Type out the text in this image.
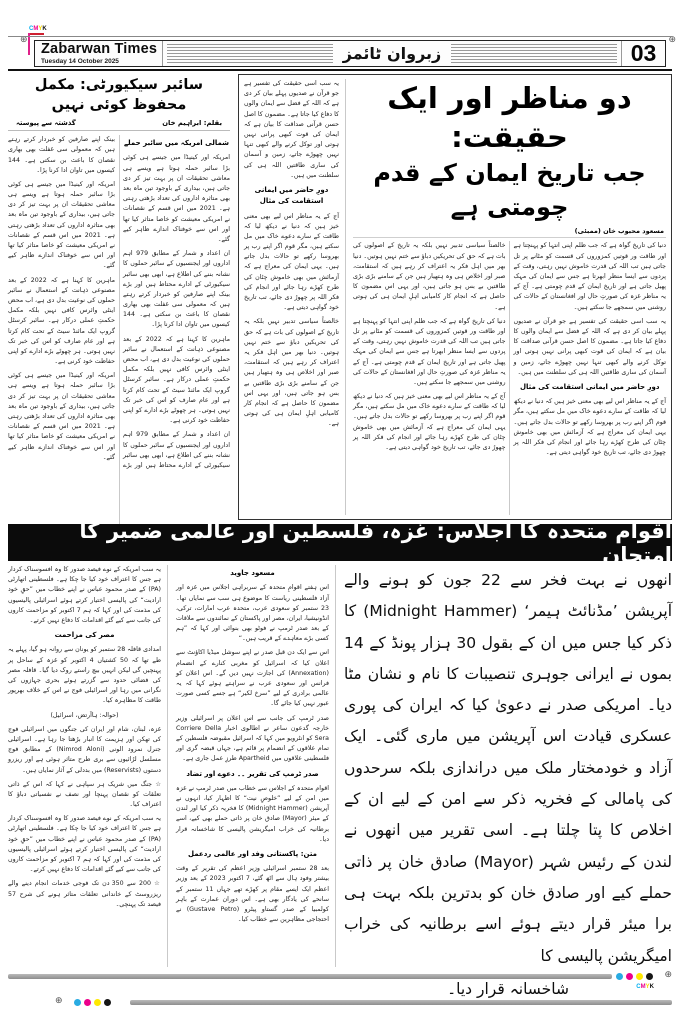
⊕	⊕
CMYK
Zabarwan Times
Tuesday 14 October 2025	زبروان ٹائمز	03
سائبر سیکیورٹی: مکمل محفوظ کوئی نہیں
بقلم: ابراہیم خان
گذشتہ سے پیوستہ

شمالی امریکہ میں سائبر حملے

امریکہ اور کینیڈا میں جیسے ہی کوئی بڑا سائبر حملہ ہوتا ہے ویسے ہی معاشی تحقیقات ان پر بہت تیز کر دی جاتی ہیں، بیداری کے باوجود تین ماہ بعد بھی متاثرہ اداروں کی تعداد بڑھتی رہتی ہے۔ 2021 میں اس قسم کے نقصانات نے امریکی معیشت کو خاصا متاثر کیا تھا اور اس سے خوفناک اندازے ظاہر کیے گئے۔

ان اعداد و شمار کے مطابق 979 اہم اداروں اور ایجنسیوں کے سائبر حملوں کا نشانہ بننے کی اطلاع ہے، ابھی بھی سائبر سیکیورٹی کے ادارے محتاط ہیں اور بڑے بینک اپنے صارفین کو خبردار کرتے رہتے ہیں کہ معمولی سی غفلت بھی بھاری نقصان کا باعث بن سکتی ہے۔ 144 کیسوں میں تاوان ادا کرنا پڑا۔

ماہرین کا کہنا ہے کہ 2022 کے بعد مصنوعی ذہانت کے استعمال نے سائبر حملوں کی نوعیت بدل دی ہے، اب محض اینٹی وائرس کافی نہیں بلکہ مکمل حکمتِ عملی درکار ہے۔ سائبر کرسٹل گروپ ایک مائنڈ سیٹ کے تحت کام کرتا ہے اور عام صارف کو اس کی خبر تک نہیں ہوتی۔ ہر چھوٹے بڑے ادارے کو اپنی حفاظت خود کرنی ہے۔

ان اعداد و شمار کے مطابق 979 اہم اداروں اور ایجنسیوں کے سائبر حملوں کا نشانہ بننے کی اطلاع ہے، ابھی بھی سائبر سیکیورٹی کے ادارے محتاط ہیں اور بڑے بینک اپنے صارفین کو خبردار کرتے رہتے ہیں کہ معمولی سی غفلت بھی بھاری نقصان کا باعث بن سکتی ہے۔ 144 کیسوں میں تاوان ادا کرنا پڑا۔

امریکہ اور کینیڈا میں جیسے ہی کوئی بڑا سائبر حملہ ہوتا ہے ویسے ہی معاشی تحقیقات ان پر بہت تیز کر دی جاتی ہیں، بیداری کے باوجود تین ماہ بعد بھی متاثرہ اداروں کی تعداد بڑھتی رہتی ہے۔ 2021 میں اس قسم کے نقصانات نے امریکی معیشت کو خاصا متاثر کیا تھا اور اس سے خوفناک اندازے ظاہر کیے گئے۔

ماہرین کا کہنا ہے کہ 2022 کے بعد مصنوعی ذہانت کے استعمال نے سائبر حملوں کی نوعیت بدل دی ہے، اب محض اینٹی وائرس کافی نہیں بلکہ مکمل حکمتِ عملی درکار ہے۔ سائبر کرسٹل گروپ ایک مائنڈ سیٹ کے تحت کام کرتا ہے اور عام صارف کو اس کی خبر تک نہیں ہوتی۔ ہر چھوٹے بڑے ادارے کو اپنی حفاظت خود کرنی ہے۔

امریکہ اور کینیڈا میں جیسے ہی کوئی بڑا سائبر حملہ ہوتا ہے ویسے ہی معاشی تحقیقات ان پر بہت تیز کر دی جاتی ہیں، بیداری کے باوجود تین ماہ بعد بھی متاثرہ اداروں کی تعداد بڑھتی رہتی ہے۔ 2021 میں اس قسم کے نقصانات نے امریکی معیشت کو خاصا متاثر کیا تھا اور اس سے خوفناک اندازے ظاہر کیے گئے۔

یہ سب اسی حقیقت کی تفسیر ہے جو قرآن نے صدیوں پہلے بیان کر دی ہے کہ اللہ کے فضل سے ایمان والوں کا دفاع کیا جاتا ہے۔ مضمون کا اصل حسن قرآنی صداقت کا بیان ہے کہ ایمان کی قوت کبھی پرانی نہیں ہوتی اور توکل کرنے والے کبھی تنہا نہیں چھوڑے جاتے، زمین و آسمان کی ساری طاقتیں اللہ ہی کی سلطنت میں ہیں۔

دورِ حاضر میں ایمانی استقامت کی مثال

آج کے یہ مناظر اس لیے بھی معنی خیز ہیں کہ دنیا نے دیکھ لیا کہ طاقت کے سارے دعوے خاک میں مل سکتے ہیں، مگر قوم اگر اپنے رب پر بھروسا رکھے تو حالات بدل جاتے ہیں۔ یہی ایمان کی معراج ہے کہ آزمائش میں بھی خاموش چٹان کی طرح کھڑے رہا جائے اور انجام کی فکر اللہ پر چھوڑ دی جائے، تب تاریخ خود گواہی دیتی ہے۔

خالصتاً سیاسی تدبیر نہیں بلکہ یہ تاریخ کے اصولوں کی بات ہے کہ حق کی تحریکیں دباؤ سے ختم نہیں ہوتیں۔ دنیا بھر میں اہل فکر یہ اعتراف کر رہے ہیں کہ استقامت، صبر اور اخلاص ہی وہ ہتھیار ہیں جن کے سامنے بڑی بڑی طاقتیں بے بس ہو جاتی ہیں، اور یہی اس مضمون کا حاصل ہے کہ انجام کار کامیابی اہلِ ایمان ہی کی ہوتی ہے۔

دو مناظر اور ایک حقیقت:
جب تاریخ ایمان کے قدم چومتی ہے
مسعود محبوب خان (ممبئی)

دنیا کی تاریخ گواہ ہے کہ جب ظلم اپنی انتہا کو پہنچتا ہے اور طاقت ور قوتیں کمزوروں کی قسمت کو مٹانے پر تل جاتی ہیں تب اللہ کی قدرت خاموش نہیں رہتی، وقت کے پردوں سے ایسا منظر ابھرتا ہے جس سے ایمان کی مہک پھیل جاتی ہے اور تاریخ ایمان کے قدم چومتی ہے۔ آج کے یہ مناظر غزہ کی صورتِ حال اور افغانستان کے حالات کی روشنی میں سمجھے جا سکتے ہیں۔

یہ سب اسی حقیقت کی تفسیر ہے جو قرآن نے صدیوں پہلے بیان کر دی ہے کہ اللہ کے فضل سے ایمان والوں کا دفاع کیا جاتا ہے۔ مضمون کا اصل حسن قرآنی صداقت کا بیان ہے کہ ایمان کی قوت کبھی پرانی نہیں ہوتی اور توکل کرنے والے کبھی تنہا نہیں چھوڑے جاتے، زمین و آسمان کی ساری طاقتیں اللہ ہی کی سلطنت میں ہیں۔

دورِ حاضر میں ایمانی استقامت کی مثال

آج کے یہ مناظر اس لیے بھی معنی خیز ہیں کہ دنیا نے دیکھ لیا کہ طاقت کے سارے دعوے خاک میں مل سکتے ہیں، مگر قوم اگر اپنے رب پر بھروسا رکھے تو حالات بدل جاتے ہیں۔ یہی ایمان کی معراج ہے کہ آزمائش میں بھی خاموش چٹان کی طرح کھڑے رہا جائے اور انجام کی فکر اللہ پر چھوڑ دی جائے، تب تاریخ خود گواہی دیتی ہے۔

خالصتاً سیاسی تدبیر نہیں بلکہ یہ تاریخ کے اصولوں کی بات ہے کہ حق کی تحریکیں دباؤ سے ختم نہیں ہوتیں۔ دنیا بھر میں اہل فکر یہ اعتراف کر رہے ہیں کہ استقامت، صبر اور اخلاص ہی وہ ہتھیار ہیں جن کے سامنے بڑی بڑی طاقتیں بے بس ہو جاتی ہیں، اور یہی اس مضمون کا حاصل ہے کہ انجام کار کامیابی اہلِ ایمان ہی کی ہوتی ہے۔

دنیا کی تاریخ گواہ ہے کہ جب ظلم اپنی انتہا کو پہنچتا ہے اور طاقت ور قوتیں کمزوروں کی قسمت کو مٹانے پر تل جاتی ہیں تب اللہ کی قدرت خاموش نہیں رہتی، وقت کے پردوں سے ایسا منظر ابھرتا ہے جس سے ایمان کی مہک پھیل جاتی ہے اور تاریخ ایمان کے قدم چومتی ہے۔ آج کے یہ مناظر غزہ کی صورتِ حال اور افغانستان کے حالات کی روشنی میں سمجھے جا سکتے ہیں۔

آج کے یہ مناظر اس لیے بھی معنی خیز ہیں کہ دنیا نے دیکھ لیا کہ طاقت کے سارے دعوے خاک میں مل سکتے ہیں، مگر قوم اگر اپنے رب پر بھروسا رکھے تو حالات بدل جاتے ہیں۔ یہی ایمان کی معراج ہے کہ آزمائش میں بھی خاموش چٹان کی طرح کھڑے رہا جائے اور انجام کی فکر اللہ پر چھوڑ دی جائے، تب تاریخ خود گواہی دیتی ہے۔

اقوام متحدہ کا اجلاس: غزہ، فلسطین اور عالمی ضمیر کا امتحان

یہ سب امریکہ کے نوے فیصد صدور کا وہ افسوسناک کردار ہے جس کا اعتراف خود کیا جا چکا ہے۔ فلسطینی اتھارٹی (PA) کے صدر محمود عباس نے اپنے خطاب میں ”حقِ خود ارادیت“ کی پالیسی اختیار کرتے ہوئے اسرائیلی پالیسیوں کی مذمت کی اور کہا کہ ہم 7 اکتوبر کو مزاحمت کاروں کی جانب سے کیے گئے اقدامات کا دفاع نہیں کرتے۔

مصر کی مزاحمت

امدادی قافلہ 28 ستمبر کو یونان سے روانہ ہو گیا، پہلے یہ طے تھا کہ 50 کشتیاں 4 اکتوبر کو غزہ کے ساحل پر پہنچیں گی لیکن انہیں بیچ راستے روک دیا گیا۔ قافلہ مصر کی فضائی حدود سے گزرتے ہوئے بحری جہازوں کی نگرانی میں رہا اور اسرائیلی فوج نے اس کے خلاف بھرپور طاقت کا مظاہرہ کیا۔

(حوالہ: ہاآرتض، اسرائیل)

غزہ، لبنان، شام اور ایران کی جنگوں میں اسرائیلی فوج کی تھکن اور ہزیمت کا انبار بڑھتا جا رہا ہے۔ اسرائیلی جنرل نمرود الونی (Nimrod Aloni) کے مطابق فوج مسلسل لڑائیوں سے بری طرح متاثر ہوئی ہے اور ریزرو دستوں (Reservists) میں بددلی کے آثار نمایاں ہیں۔

☆ جنگ میں شریک ہر سپاہی نے کہا کہ اس کے ذاتی تعلقات کو نقصان پہنچا اور نصف نے نفسیاتی دباؤ کا اعتراف کیا۔

یہ سب امریکہ کے نوے فیصد صدور کا وہ افسوسناک کردار ہے جس کا اعتراف خود کیا جا چکا ہے۔ فلسطینی اتھارٹی (PA) کے صدر محمود عباس نے اپنے خطاب میں ”حقِ خود ارادیت“ کی پالیسی اختیار کرتے ہوئے اسرائیلی پالیسیوں کی مذمت کی اور کہا کہ ہم 7 اکتوبر کو مزاحمت کاروں کی جانب سے کیے گئے اقدامات کا دفاع نہیں کرتے۔

☆ 200 سے 350 دن تک فوجی خدمات انجام دینے والے ریزروسٹ کے خاندانی تعلقات متاثر ہونے کی شرح 57 فیصد تک پہنچی۔

مسعود جاوید

اس ہفتے اقوامِ متحدہ کے سربراہی اجلاس میں غزہ اور آزاد فلسطینی ریاست کا موضوع ہی سب سے نمایاں تھا۔ 23 ستمبر کو سعودی عرب، متحدہ عرب امارات، ترکی، انڈونیشیا، ایران، مصر اور پاکستان کے نمائندوں سے ملاقات کے بعد صدر ٹرمپ نے فوٹو بھی بنوائی اور کہا کہ ”ہم کسی بڑے معاہدے کے قریب ہیں۔“

اس سے ایک دن قبل صدر نے اپنے سوشل میڈیا اکاؤنٹ سے اعلان کیا کہ اسرائیل کو مغربی کنارے کے انضمام (Annexation) کی اجازت نہیں دیں گے۔ اس اعلان کو فرانس اور سعودی عرب نے سراہتے ہوئے کہا کہ یہ عالمی برادری کے لیے ”سرخ لکیر“ ہے جسے کسی صورت عبور نہیں کیا جائے گا۔

صدر ٹرمپ کی جانب سے اس اعلان پر اسرائیلی وزیر خارجہ گدعون ساعر نے اطالوی اخبار Corriere Della Sera کو انٹرویو میں کہا کہ اسرائیل مقبوضہ فلسطین کے تمام علاقوں کے انضمام پر قائم ہے، جہاں قبضہ گری اور فلسطینی علاقوں میں Apartheid طرزِ عمل جاری ہے۔

صدر ٹرمپ کی تقریر ۔۔ دعوے اور تضاد

اقوام متحدہ کے اجلاس سے خطاب میں صدر ٹرمپ نے غزہ میں امن کے لیے ”خلوصِ نیت“ کا اظہار کیا، انہوں نے آپریشن (Midnight Hammer) کا فخریہ ذکر کیا اور لندن کے میئر (Mayor) صادق خان پر ذاتی حملے بھی کیے، اسے برطانیہ کی خراب امیگریشن پالیسی کا شاخسانہ قرار دیا۔

متن: پاکستانی وفد اور عالمی ردعمل

بعد 28 ستمبر اسرائیلی وزیر اعظم کی تقریر کے وقت بیشتر وفود ہال سے اٹھ گئے، 7 اکتوبر 2023 کے بعد وزیر اعظم ایک ایسے مقام پر کھڑے تھے جہاں 11 ستمبر کے سانحے کی یادگار بھی ہے۔ اس دوران عمارت کے باہر کولمبیا کے صدر گستاو پیٹرو (Gustave Petro) نے احتجاجی مظاہرین سے خطاب کیا۔

انھوں نے بہت فخر سے 22 جون کو ہونے والے آپریشن ’مڈنائٹ ہیمر‘ (Midnight Hammer) کا ذکر کیا جس میں ان کے بقول 30 ہزار پونڈ کے 14 بموں نے ایرانی جوہری تنصیبات کا نام و نشان مٹا دیا۔ امریکی صدر نے دعویٰ کیا کہ ایران کی پوری عسکری قیادت اس آپریشن میں ماری گئی۔ ایک آزاد و خودمختار ملک میں دراندازی بلکہ سرحدوں کی پامالی کے فخریہ ذکر سے امن کے لیے ان کے اخلاص کا پتا چلتا ہے۔ اسی تقریر میں انھوں نے لندن کے رئیس شہر (Mayor) صادق خان پر ذاتی حملے کیے اور صادق خان کو بدترین بلکہ بہت ہی برا میئر قرار دیتے ہوئے اسے برطانیہ کی خراب امیگریشن پالیسی کا

شاخسانہ قرار دیا۔

⊕
CMYK
⊕
